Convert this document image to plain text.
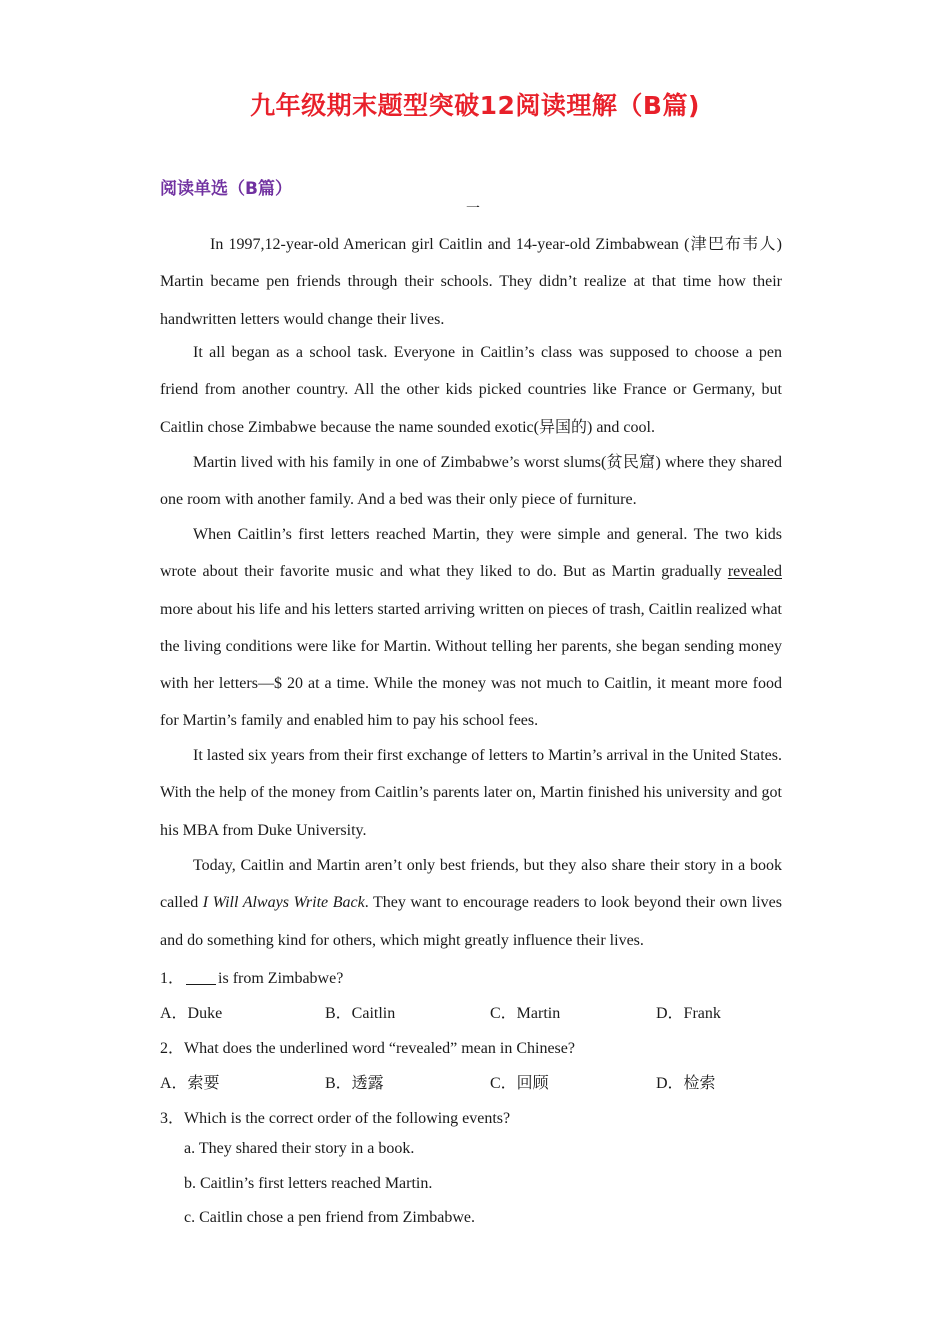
九年级期末题型突破12阅读理解（B篇)
阅读单选（B篇）
一

In 1997,12-year-old American girl Caitlin and 14-year-old Zimbabwean (津巴布韦人) Martin became pen friends through their schools. They didn’t realize at that time how their handwritten letters would change their lives.

It all began as a school task. Everyone in Caitlin’s class was supposed to choose a pen friend from another country. All the other kids picked countries like France or Germany, but Caitlin chose Zimbabwe because the name sounded exotic(异国的) and cool.

Martin lived with his family in one of Zimbabwe’s worst slums(贫民窟) where they shared one room with another family. And a bed was their only piece of furniture.

When Caitlin’s first letters reached Martin, they were simple and general. The two kids wrote about their favorite music and what they liked to do. But as Martin gradually revealed more about his life and his letters started arriving written on pieces of trash, Caitlin realized what the living conditions were like for Martin. Without telling her parents, she began sending money with her letters—$ 20 at a time. While the money was not much to Caitlin, it meant more food for Martin’s family and enabled him to pay his school fees.

It lasted six years from their first exchange of letters to Martin’s arrival in the United States. With the help of the money from Caitlin’s parents later on, Martin finished his university and got his MBA from Duke University.

Today, Caitlin and Martin aren’t only best friends, but they also share their story in a book called I Will Always Write Back. They want to encourage readers to look beyond their own lives and do something kind for others, which might greatly influence their lives.

1． is from Zimbabwe?
A．Duke	B．Caitlin	C．Martin	D．Frank
2．What does the underlined word “revealed” mean in Chinese?
A．索要	B．透露	C．回顾	D．检索
3．Which is the correct order of the following events?
a. They shared their story in a book.
b. Caitlin’s first letters reached Martin.
c. Caitlin chose a pen friend from Zimbabwe.
